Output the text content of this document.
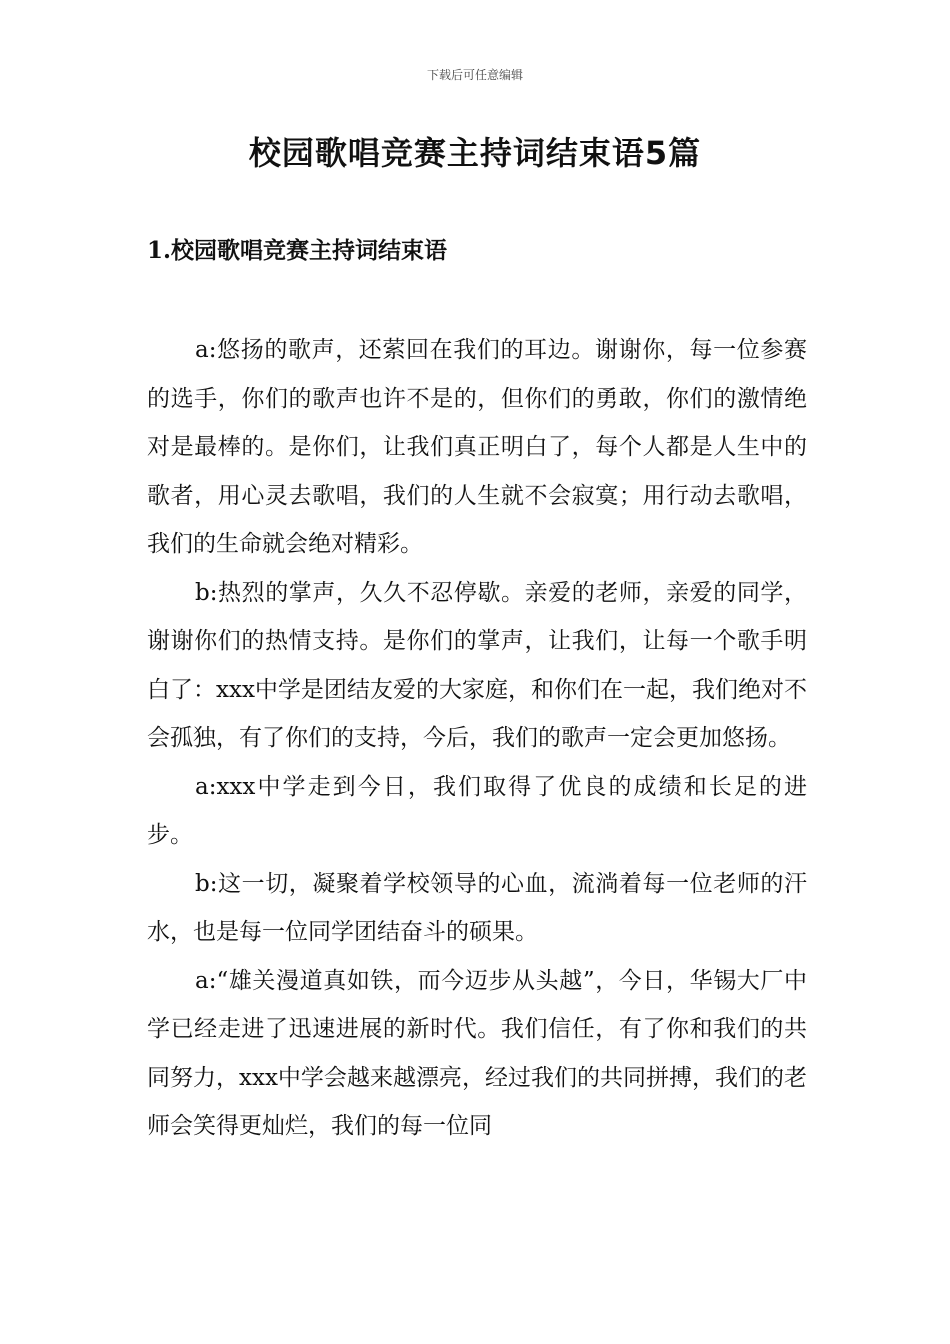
下载后可任意编辑
校园歌唱竞赛主持词结束语5篇
1.校园歌唱竞赛主持词结束语

a:悠扬的歌声，还萦回在我们的耳边。谢谢你，每一位参赛的选手，你们的歌声也许不是的，但你们的勇敢，你们的激情绝对是最棒的。是你们，让我们真正明白了，每个人都是人生中的歌者，用心灵去歌唱，我们的人生就不会寂寞；用行动去歌唱，我们的生命就会绝对精彩。

b:热烈的掌声，久久不忍停歇。亲爱的老师，亲爱的同学，谢谢你们的热情支持。是你们的掌声，让我们，让每一个歌手明白了：xxx中学是团结友爱的大家庭，和你们在一起，我们绝对不会孤独，有了你们的支持，今后，我们的歌声一定会更加悠扬。

a:xxx中学走到今日，我们取得了优良的成绩和长足的进步。

b:这一切，凝聚着学校领导的心血，流淌着每一位老师的汗水，也是每一位同学团结奋斗的硕果。

a:“雄关漫道真如铁，而今迈步从头越”，今日，华锡大厂中学已经走进了迅速进展的新时代。我们信任，有了你和我们的共同努力，xxx中学会越来越漂亮，经过我们的共同拼搏，我们的老师会笑得更灿烂，我们的每一位同
